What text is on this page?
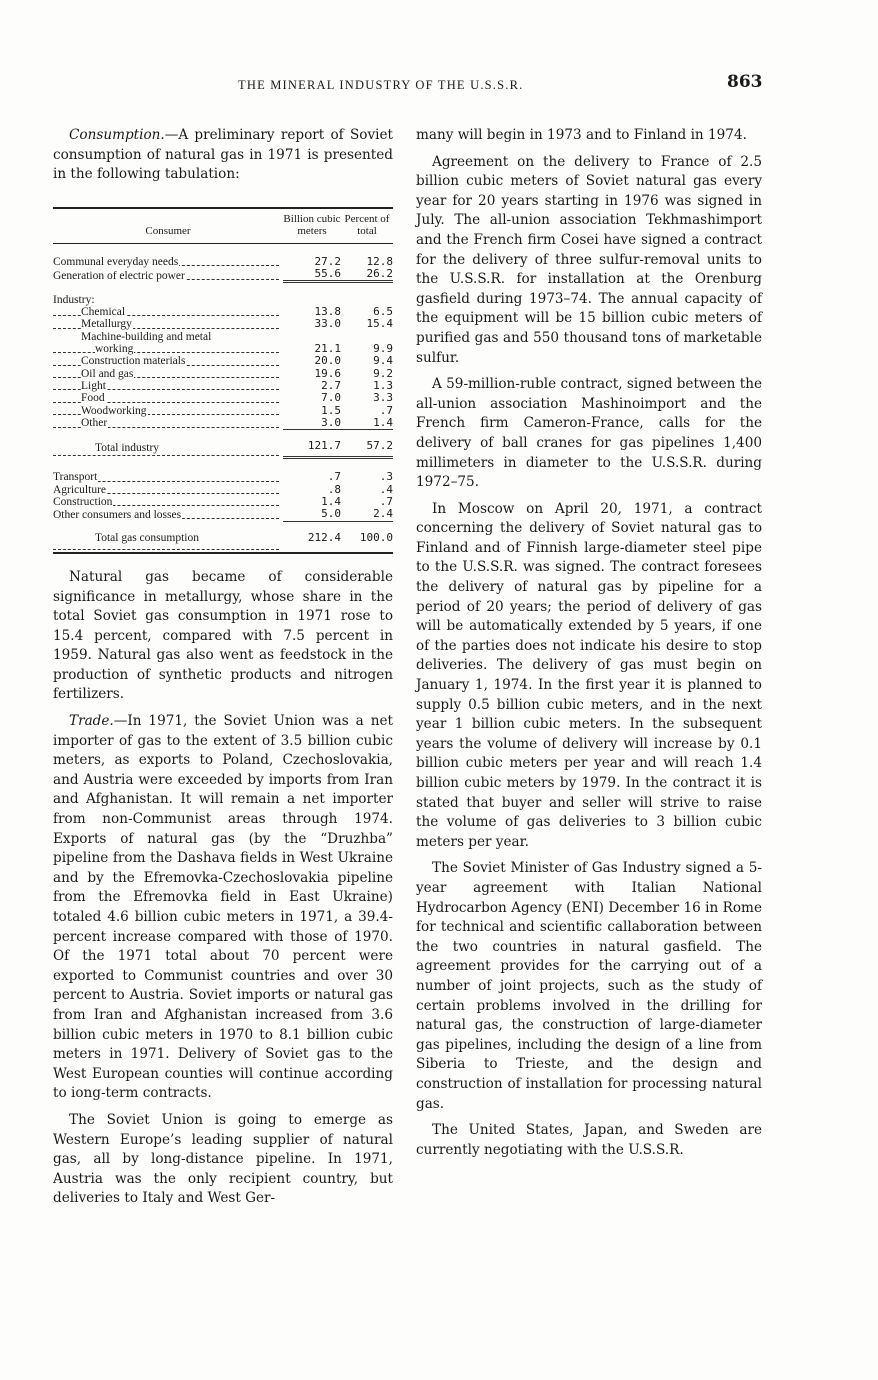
THE MINERAL INDUSTRY OF THE U.S.S.R.	863

Consumption.—A preliminary report of Soviet consumption of natural gas in 1971 is presented in the following tabulation:

Consumer	Billion cubic meters	Percent of total
Communal everyday needs	27.2	12.8
Generation of electric power	55.6	26.2
Industry:		
Chemical	13.8	6.5
Metallurgy	33.0	15.4
Machine-building and metal		
working	21.1	9.9
Construction materials	20.0	9.4
Oil and gas	19.6	9.2
Light	2.7	1.3
Food	7.0	3.3
Woodworking	1.5	.7
Other	3.0	1.4
Total industry	121.7	57.2
Transport	.7	.3
Agriculture	.8	.4
Construction	1.4	.7
Other consumers and losses	5.0	2.4
Total gas consumption	212.4	100.0

Natural gas became of considerable significance in metallurgy, whose share in the total Soviet gas consumption in 1971 rose to 15.4 percent, compared with 7.5 percent in 1959. Natural gas also went as feedstock in the production of synthetic products and nitrogen fertilizers.

Trade.—In 1971, the Soviet Union was a net importer of gas to the extent of 3.5 billion cubic meters, as exports to Poland, Czechoslovakia, and Austria were exceeded by imports from Iran and Afghanistan. It will remain a net importer from non-Communist areas through 1974. Exports of natural gas (by the “Druzhba” pipeline from the Dashava fields in West Ukraine and by the Efremovka-Czechoslovakia pipeline from the Efremovka field in East Ukraine) totaled 4.6 billion cubic meters in 1971, a 39.4-percent increase compared with those of 1970. Of the 1971 total about 70 percent were exported to Communist countries and over 30 percent to Austria. Soviet imports or natural gas from Iran and Afghanistan increased from 3.6 billion cubic meters in 1970 to 8.1 billion cubic meters in 1971. Delivery of Soviet gas to the West European counties will continue according to iong-term contracts.

The Soviet Union is going to emerge as Western Europe’s leading supplier of natural gas, all by long-distance pipeline. In 1971, Austria was the only recipient country, but deliveries to Italy and West Ger-

many will begin in 1973 and to Finland in 1974.

Agreement on the delivery to France of 2.5 billion cubic meters of Soviet natural gas every year for 20 years starting in 1976 was signed in July. The all-union association Tekhmashimport and the French firm Cosei have signed a contract for the delivery of three sulfur-removal units to the U.S.S.R. for installation at the Orenburg gasfield during 1973–74. The annual capacity of the equipment will be 15 billion cubic meters of purified gas and 550 thousand tons of marketable sulfur.

A 59-million-ruble contract, signed between the all-union association Mashinoimport and the French firm Cameron-France, calls for the delivery of ball cranes for gas pipelines 1,400 millimeters in diameter to the U.S.S.R. during 1972–75.

In Moscow on April 20, 1971, a contract concerning the delivery of Soviet natural gas to Finland and of Finnish large-diameter steel pipe to the U.S.S.R. was signed. The contract foresees the delivery of natural gas by pipeline for a period of 20 years; the period of delivery of gas will be automatically extended by 5 years, if one of the parties does not indicate his desire to stop deliveries. The delivery of gas must begin on January 1, 1974. In the first year it is planned to supply 0.5 billion cubic meters, and in the next year 1 billion cubic meters. In the subsequent years the volume of delivery will increase by 0.1 billion cubic meters per year and will reach 1.4 billion cubic meters by 1979. In the contract it is stated that buyer and seller will strive to raise the volume of gas deliveries to 3 billion cubic meters per year.

The Soviet Minister of Gas Industry signed a 5-year agreement with Italian National Hydrocarbon Agency (ENI) December 16 in Rome for technical and scientific callaboration between the two countries in natural gasfield. The agreement provides for the carrying out of a number of joint projects, such as the study of certain problems involved in the drilling for natural gas, the construction of large-diameter gas pipelines, including the design of a line from Siberia to Trieste, and the design and construction of installation for processing natural gas.

The United States, Japan, and Sweden are currently negotiating with the U.S.S.R.
